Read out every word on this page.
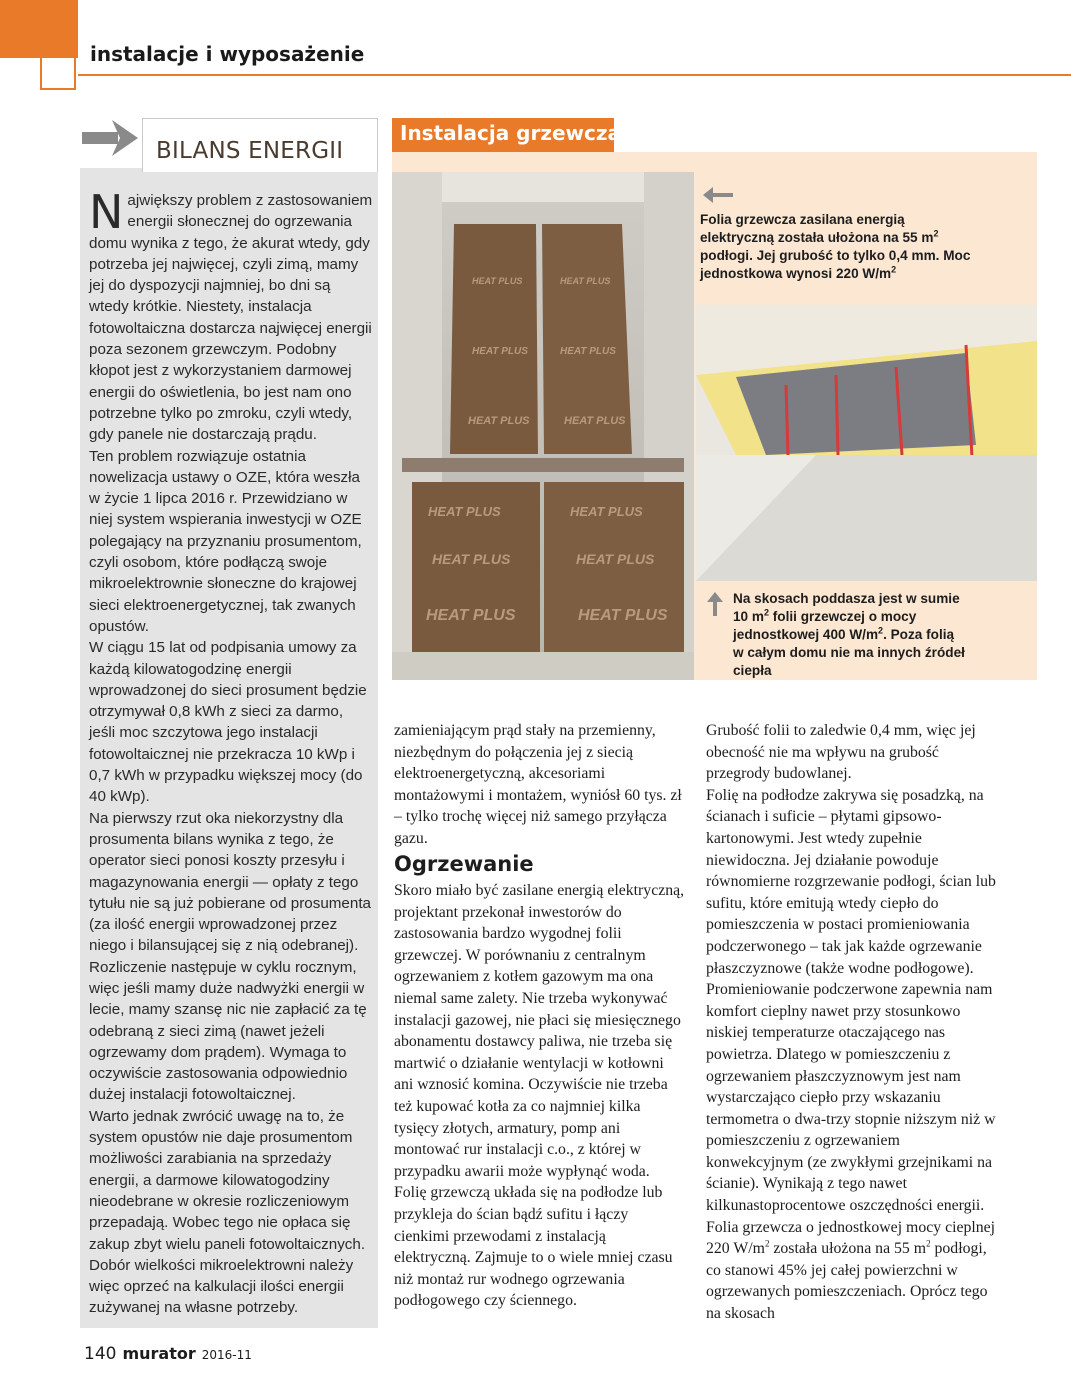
instalacje i wyposażenie
BILANS ENERGII

Największy problem z zastosowaniem energii słonecznej do ogrzewania domu wynika z tego, że akurat wtedy, gdy potrzeba jej najwięcej, czyli zimą, mamy jej do dyspozycji najmniej, bo dni są wtedy krótkie. Niestety, instalacja fotowoltaiczna dostarcza najwięcej energii poza sezonem grzewczym. Podobny kłopot jest z wykorzystaniem darmowej energii do oświetlenia, bo jest nam ono potrzebne tylko po zmroku, czyli wtedy, gdy panele nie dostarczają prądu.

Ten problem rozwiązuje ostatnia nowelizacja ustawy o OZE, która weszła w życie 1 lipca 2016 r. Przewidziano w niej system wspierania inwestycji w OZE polegający na przyznaniu prosumentom, czyli osobom, które podłączą swoje mikroelektrownie słoneczne do krajowej sieci elektroenergetycznej, tak zwanych opustów.

W ciągu 15 lat od podpisania umowy za każdą kilowatogodzinę energii wprowadzonej do sieci prosument będzie otrzymywał 0,8 kWh z sieci za darmo, jeśli moc szczytowa jego instalacji fotowoltaicznej nie przekracza 10 kWp i 0,7 kWh w przypadku większej mocy (do 40 kWp).

Na pierwszy rzut oka niekorzystny dla prosumenta bilans wynika z tego, że operator sieci ponosi koszty przesyłu i magazynowania energii — opłaty z tego tytułu nie są już pobierane od prosumenta (za ilość energii wprowadzonej przez niego i bilansującej się z nią odebranej).

Rozliczenie następuje w cyklu rocznym, więc jeśli mamy duże nadwyżki energii w lecie, mamy szansę nic nie zapłacić za tę odebraną z sieci zimą (nawet jeżeli ogrzewamy dom prądem). Wymaga to oczywiście zastosowania odpowiednio dużej instalacji fotowoltaicznej.

Warto jednak zwrócić uwagę na to, że system opustów nie daje prosumentom możliwości zarabiania na sprzedaży energii, a darmowe kilowatogodziny nieodebrane w okresie rozliczeniowym przepadają. Wobec tego nie opłaca się zakup zbyt wielu paneli fotowoltaicznych. Dobór wielkości mikroelektrowni należy więc oprzeć na kalkulacji ilości energii zużywanej na własne potrzeby.

Instalacja grzewcza
HEAT PLUS	HEAT PLUS
HEAT PLUS	HEAT PLUS
HEAT PLUS	HEAT PLUS
HEAT PLUS	HEAT PLUS
HEAT PLUS	HEAT PLUS
HEAT PLUS	HEAT PLUS
Folia grzewcza zasilana energią elektryczną została ułożona na 55 $m^2$ podłogi. Jej grubość to tylko 0,4 mm. Moc jednostkowa wynosi 220 $W/m^2$
Na skosach poddasza jest w sumie 10 $m^2$ folii grzewczej o mocy jednostkowej 400 $W/m^2$. Poza folią w całym domu nie ma innych źródeł ciepła
zamieniającym prąd stały na przemienny, niezbędnym do połączenia jej z siecią elektroenergetyczną, akcesoriami montażowymi i montażem, wyniósł 60 tys. zł – tylko trochę więcej niż samego przyłącza gazu.
Ogrzewanie

Skoro miało być zasilane energią elektryczną, projektant przekonał inwestorów do zastosowania bardzo wygodnej folii grzewczej. W porównaniu z centralnym ogrzewaniem z kotłem gazowym ma ona niemal same zalety. Nie trzeba wykonywać instalacji gazowej, nie płaci się miesięcznego abonamentu dostawcy paliwa, nie trzeba się martwić o działanie wentylacji w kotłowni ani wznosić komina. Oczywiście nie trzeba też kupować kotła za co najmniej kilka tysięcy złotych, armatury, pomp ani montować rur instalacji c.o., z której w przypadku awarii może wypłynąć woda.

Folię grzewczą układa się na podłodze lub przykleja do ścian bądź sufitu i łączy cienkimi przewodami z instalacją elektryczną. Zajmuje to o wiele mniej czasu niż montaż rur wodnego ogrzewania podłogowego czy ściennego.

Grubość folii to zaledwie 0,4 mm, więc jej obecność nie ma wpływu na grubość przegrody budowlanej.

Folię na podłodze zakrywa się posadzką, na ścianach i suficie – płytami gipsowo-kartonowymi. Jest wtedy zupełnie niewidoczna. Jej działanie powoduje równomierne rozgrzewanie podłogi, ścian lub sufitu, które emitują wtedy ciepło do pomieszczenia w postaci promieniowania podczerwonego – tak jak każde ogrzewanie płaszczyznowe (także wodne podłogowe). Promieniowanie podczerwone zapewnia nam komfort cieplny nawet przy stosunkowo niskiej temperaturze otaczającego nas powietrza. Dlatego w pomieszczeniu z ogrzewaniem płaszczyznowym jest nam wystarczająco ciepło przy wskazaniu termometra o dwa-trzy stopnie niższym niż w pomieszczeniu z ogrzewaniem konwekcyjnym (ze zwykłymi grzejnikami na ścianie). Wynikają z tego nawet kilkunastoprocentowe oszczędności energii.

Folia grzewcza o jednostkowej mocy cieplnej 220 $W/m^2$ została ułożona na 55 $m^2$ podłogi, co stanowi 45% jej całej powierzchni w ogrzewanych pomieszczeniach. Oprócz tego na skosach

140 murator 2016-11
